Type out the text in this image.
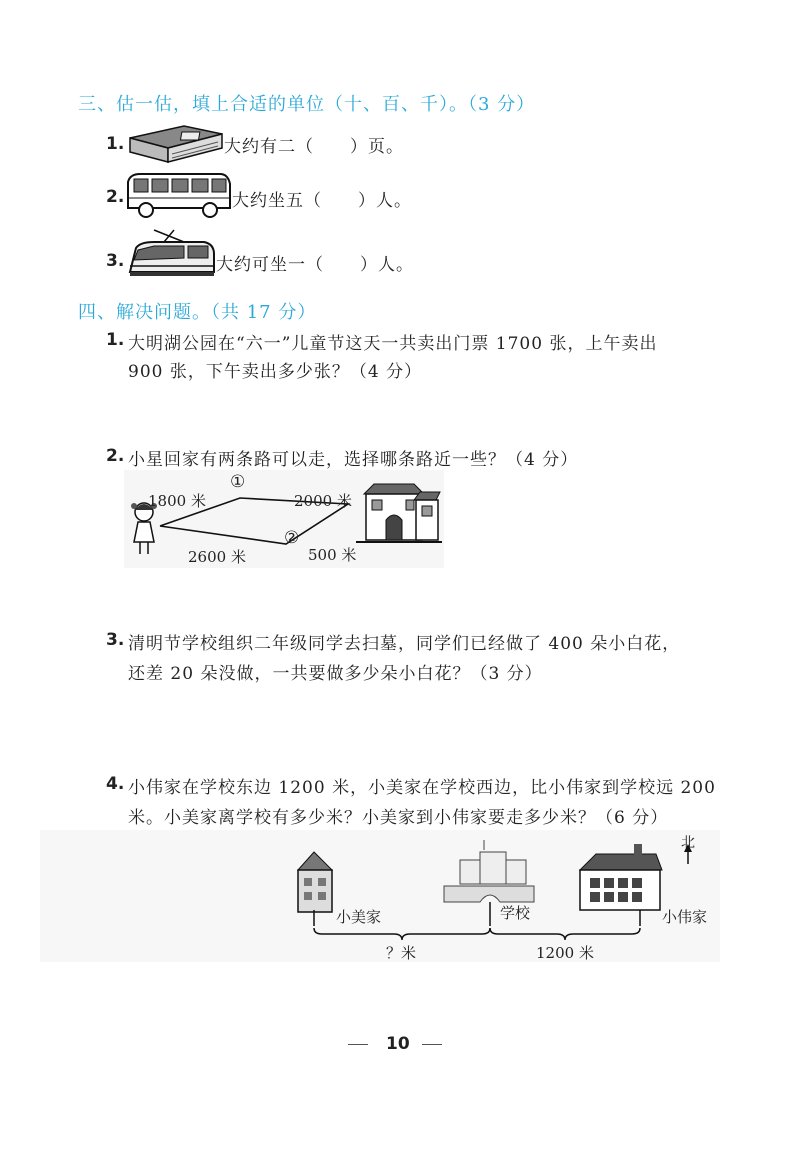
三、估一估，填上合适的单位（十、百、千）。（3 分）
1.	大约有二（　　）页。
2.	大约坐五（　　）人。
3.	大约可坐一（　　）人。
四、解决问题。（共 17 分）
1. 大明湖公园在“六一”儿童节这天一共卖出门票 1700 张，上午卖出
900 张，下午卖出多少张？（4 分）
2. 小星回家有两条路可以走，选择哪条路近一些？（4 分）
①
②
1800 米	2000 米
2600 米	500 米
3. 清明节学校组织二年级同学去扫墓，同学们已经做了 400 朵小白花，
还差 20 朵没做，一共要做多少朵小白花？（3 分）
4. 小伟家在学校东边 1200 米，小美家在学校西边，比小伟家到学校远 200
米。小美家离学校有多少米？小美家到小伟家要走多少米？（6 分）
北
小美家	学校	小伟家
？米	1200 米
10
